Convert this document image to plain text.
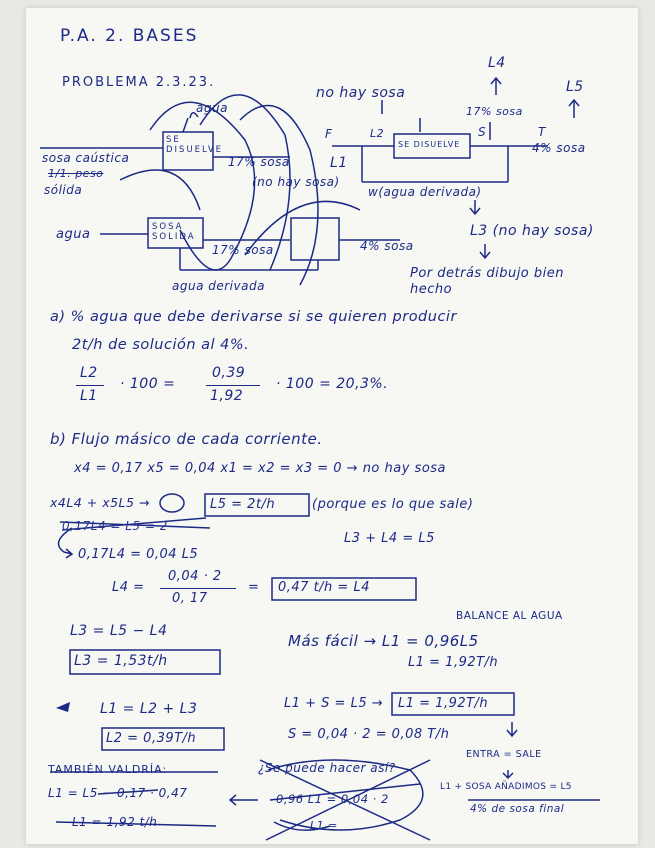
P.A. 2. BASES
PROBLEMA 2.3.23.
agua
SE
DISUELVE
sosa caústica
1/1. peso
sólida
17% sosa
(no hay sosa)
agua	SOSA
SOLIDA
17% sosa	4% sosa
agua derivada
no hay sosa
L4
L5
17% sosa
F	L2
L1
SE DISUELVE
S	T
4% sosa
w(agua derivada)
L3 (no hay sosa)
Por detrás dibujo bien
hecho
a) % agua que debe derivarse si se quieren producir
2t/h de solución al 4%.
L2
L1
· 100 =
0,39
1,92
· 100 = 20,3%.
b) Flujo másico de cada corriente.
x4 = 0,17 x5 = 0,04 x1 = x2 = x3 = 0 → no hay sosa
x4L4 + x5L5 →	L5 = 2t/h	(porque es lo que sale)
0,17L4 = L5 = 2
L3 + L4 = L5
0,17L4 = 0,04 L5
L4 =
0,04 · 2
0, 17
= 0,47 t/h = L4
L3 = L5 − L4
L3 = 1,53t/h
BALANCE AL AGUA
Más fácil → L1 = 0,96L5
L1 = 1,92T/h
L1 = L2 + L3	L1 + S = L5 → L1 = 1,92T/h
S = 0,04 · 2 = 0,08 T/h
L2 = 0,39T/h
TAMBIÉN VALDRÍA:
L1 = L5 − 0,17 · 0,47
L1 = 1,92 t/h
¿Se puede hacer así?
0,96 L1 = 0,04 · 2
L1 =
ENTRA = SALE
L1 + SOSA AÑADIMOS = L5
4% de sosa final
